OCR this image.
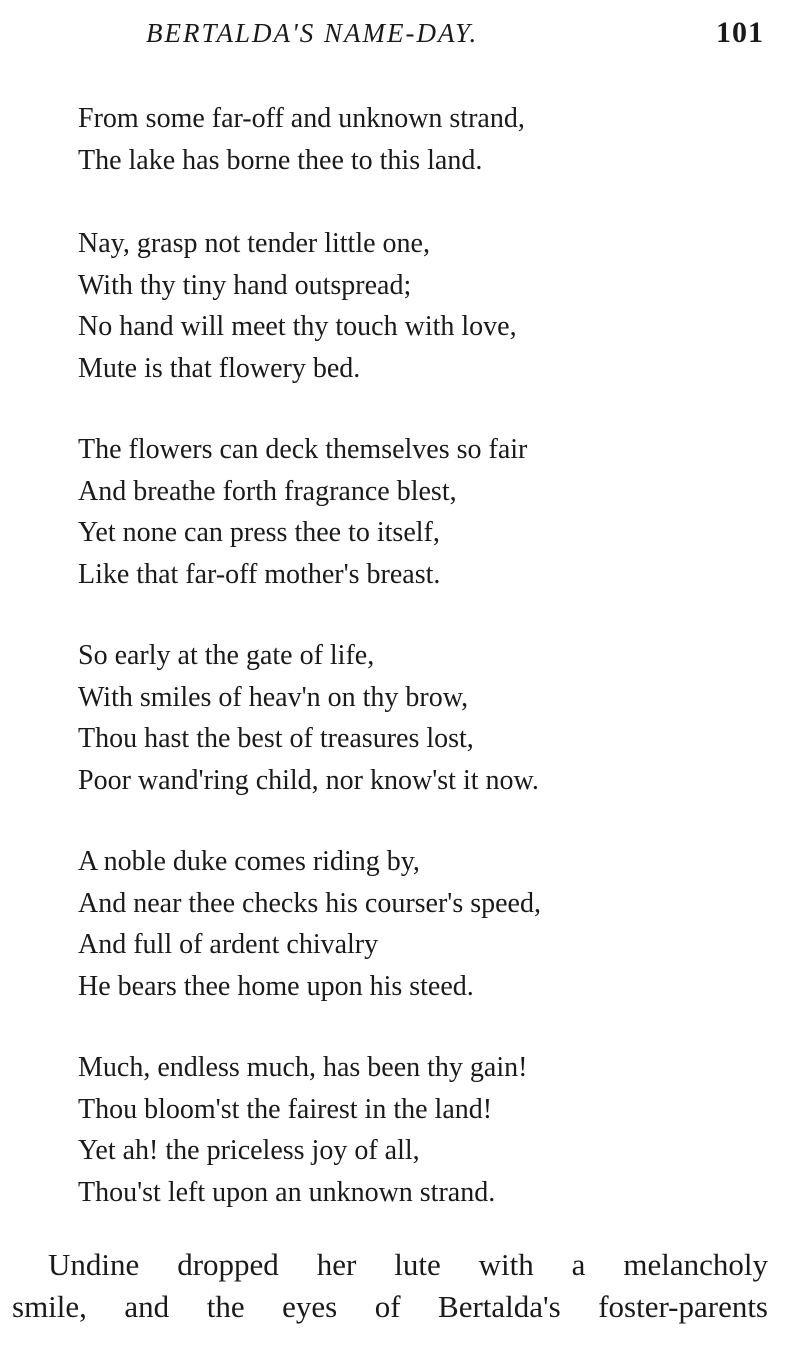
BERTALDA'S NAME-DAY.	101
From some far-off and unknown strand,
The lake has borne thee to this land.
Nay, grasp not tender little one,
With thy tiny hand outspread;
No hand will meet thy touch with love,
Mute is that flowery bed.
The flowers can deck themselves so fair
And breathe forth fragrance blest,
Yet none can press thee to itself,
Like that far-off mother's breast.
So early at the gate of life,
With smiles of heav'n on thy brow,
Thou hast the best of treasures lost,
Poor wand'ring child, nor know'st it now.
A noble duke comes riding by,
And near thee checks his courser's speed,
And full of ardent chivalry
He bears thee home upon his steed.
Much, endless much, has been thy gain!
Thou bloom'st the fairest in the land!
Yet ah! the priceless joy of all,
Thou'st left upon an unknown strand.
Undine dropped her lute with a melancholy
smile, and the eyes of Bertalda's foster-parents
